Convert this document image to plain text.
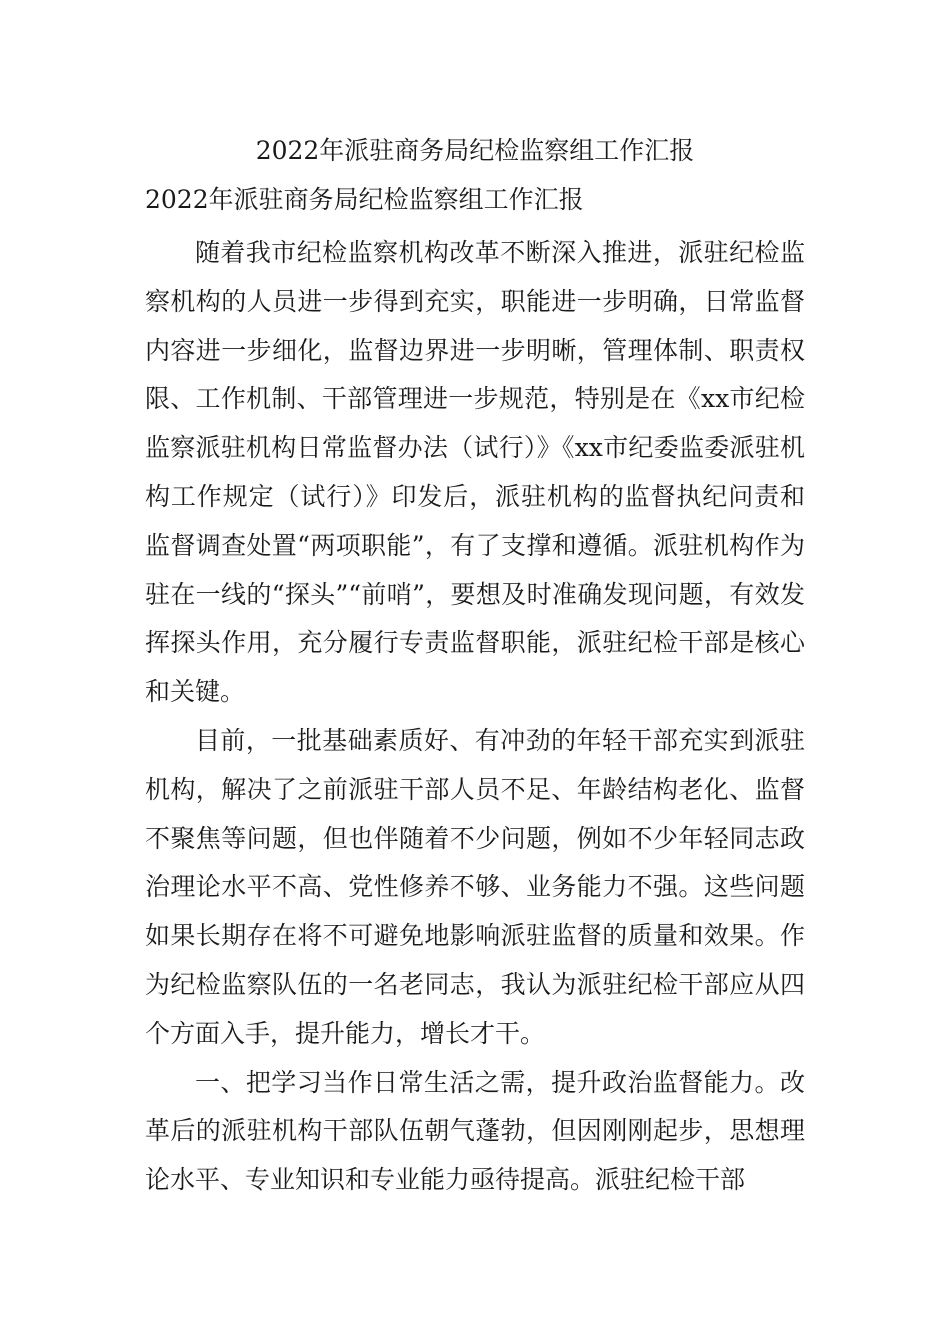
2022年派驻商务局纪检监察组工作汇报
2022年派驻商务局纪检监察组工作汇报

随着我市纪检监察机构改革不断深入推进，派驻纪检监察机构的人员进一步得到充实，职能进一步明确，日常监督内容进一步细化，监督边界进一步明晰，管理体制、职责权限、工作机制、干部管理进一步规范，特别是在《xx市纪检监察派驻机构日常监督办法（试行）》《xx市纪委监委派驻机构工作规定（试行）》印发后，派驻机构的监督执纪问责和监督调查处置“两项职能”，有了支撑和遵循。派驻机构作为驻在一线的“探头”“前哨”，要想及时准确发现问题，有效发挥探头作用，充分履行专责监督职能，派驻纪检干部是核心和关键。

目前，一批基础素质好、有冲劲的年轻干部充实到派驻机构，解决了之前派驻干部人员不足、年龄结构老化、监督不聚焦等问题，但也伴随着不少问题，例如不少年轻同志政治理论水平不高、党性修养不够、业务能力不强。这些问题如果长期存在将不可避免地影响派驻监督的质量和效果。作为纪检监察队伍的一名老同志，我认为派驻纪检干部应从四个方面入手，提升能力，增长才干。

一、把学习当作日常生活之需，提升政治监督能力。改革后的派驻机构干部队伍朝气蓬勃，但因刚刚起步，思想理论水平、专业知识和专业能力亟待提高。派驻纪检干部
